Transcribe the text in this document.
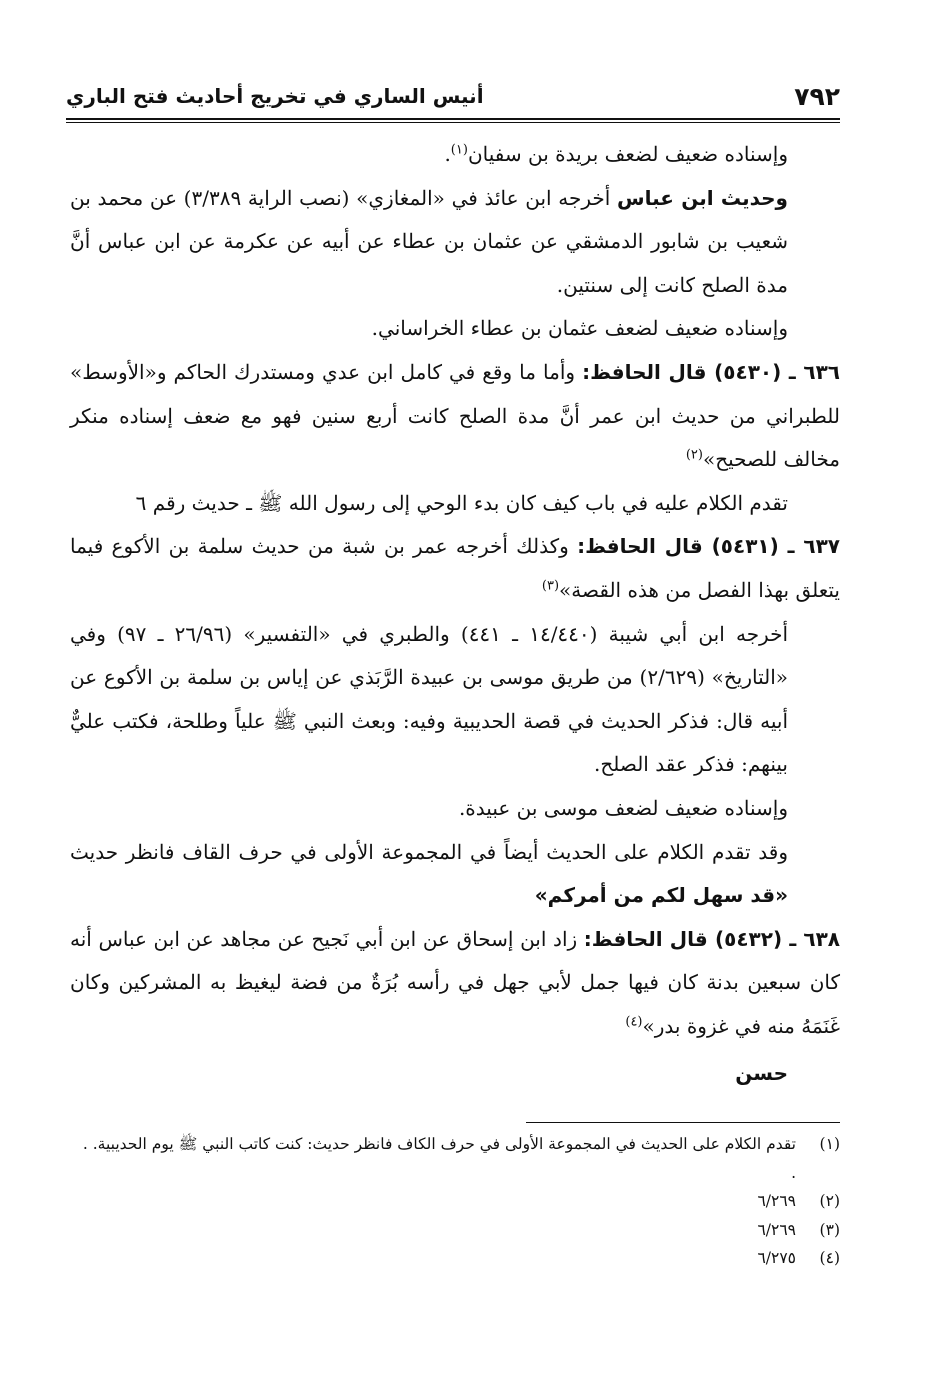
٧٩٢
أنيس الساري في تخريج أحاديث فتح الباري

وإسناده ضعيف لضعف بريدة بن سفيان$^{(١)}$.

وحديث ابن عباس أخرجه ابن عائذ في «المغازي» (نصب الراية ٣/٣٨٩) عن محمد بن شعيب بن شابور الدمشقي عن عثمان بن عطاء عن أبيه عن عكرمة عن ابن عباس أنَّ مدة الصلح كانت إلى سنتين.

وإسناده ضعيف لضعف عثمان بن عطاء الخراساني.

٦٣٦ ـ (٥٤٣٠) قال الحافظ: وأما ما وقع في كامل ابن عدي ومستدرك الحاكم و«الأوسط» للطبراني من حديث ابن عمر أنَّ مدة الصلح كانت أربع سنين فهو مع ضعف إسناده منكر مخالف للصحيح»$^{(٢)}$

تقدم الكلام عليه في باب كيف كان بدء الوحي إلى رسول الله ﷺ ـ حديث رقم ٦

٦٣٧ ـ (٥٤٣١) قال الحافظ: وكذلك أخرجه عمر بن شبة من حديث سلمة بن الأكوع فيما يتعلق بهذا الفصل من هذه القصة»$^{(٣)}$

أخرجه ابن أبي شيبة (١٤/٤٤٠ ـ ٤٤١) والطبري في «التفسير» (٢٦/٩٦ ـ ٩٧) وفي «التاريخ» (٢/٦٢٩) من طريق موسى بن عبيدة الرَّبَذي عن إياس بن سلمة بن الأكوع عن أبيه قال: فذكر الحديث في قصة الحديبية وفيه: وبعث النبي ﷺ علياً وطلحة، فكتب عليٌّ بينهم: فذكر عقد الصلح.

وإسناده ضعيف لضعف موسى بن عبيدة.

وقد تقدم الكلام على الحديث أيضاً في المجموعة الأولى في حرف القاف فانظر حديث «قد سهل لكم من أمركم»

٦٣٨ ـ (٥٤٣٢) قال الحافظ: زاد ابن إسحاق عن ابن أبي نَجيح عن مجاهد عن ابن عباس أنه كان سبعين بدنة كان فيها جمل لأبي جهل في رأسه بُرَةٌ من فضة ليغيظ به المشركين وكان غَنَمَهُ منه في غزوة بدر»$^{(٤)}$

حسن

(١)
تقدم الكلام على الحديث في المجموعة الأولى في حرف الكاف فانظر حديث: كنت كاتب النبي ﷺ يوم الحديبية. . .
(٢)
٦/٢٦٩
(٣)
٦/٢٦٩
(٤)
٦/٢٧٥
